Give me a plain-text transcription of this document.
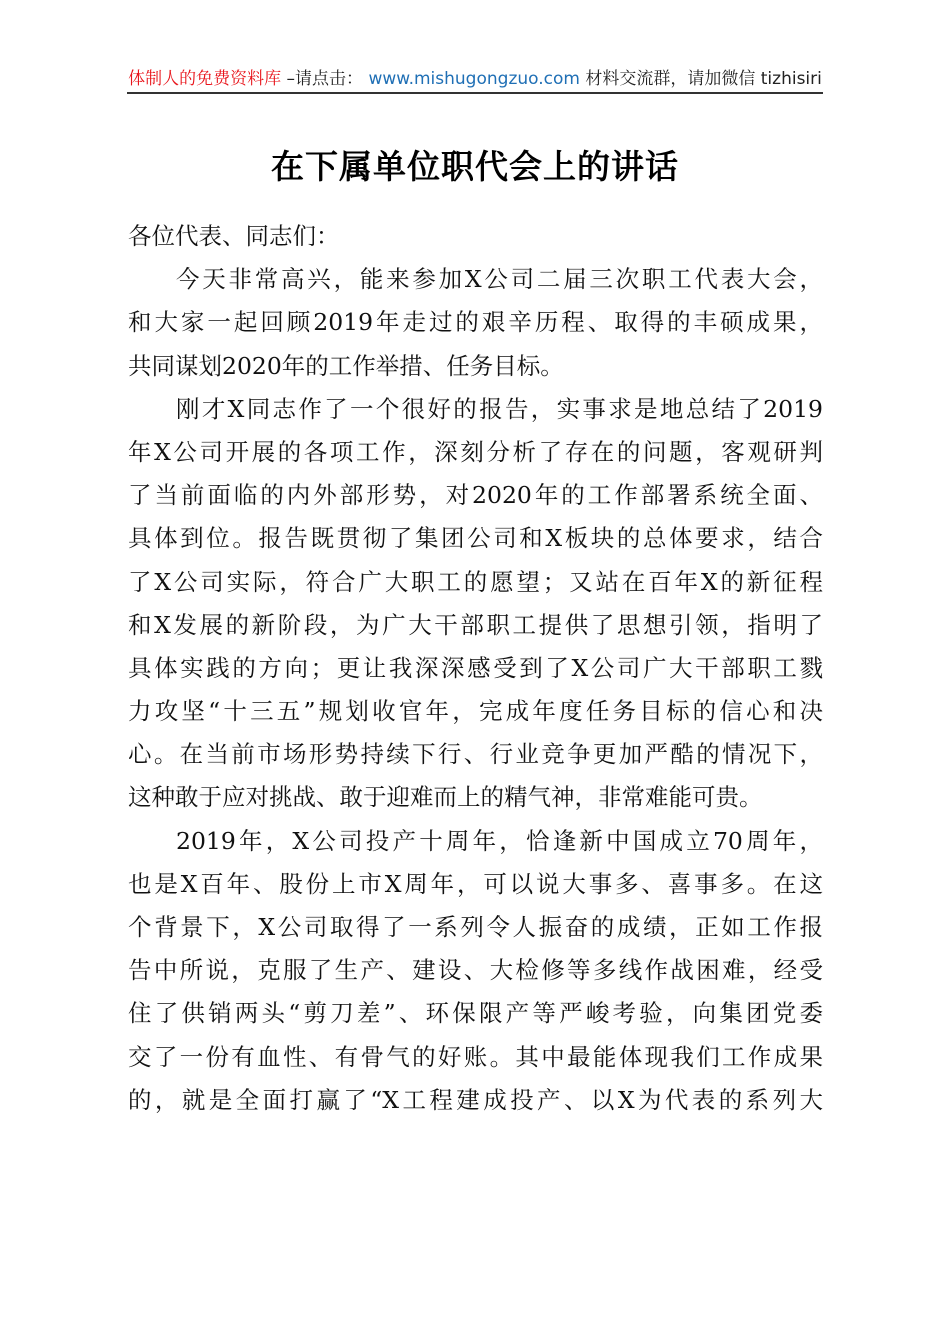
体制人的免费资料库 –请点击： www.mishugongzuo.com 材料交流群，请加微信 tizhisiri
在下属单位职代会上的讲话
各位代表、同志们：
今天非常高兴，能来参加X公司二届三次职工代表大会，
和大家一起回顾2019年走过的艰辛历程、取得的丰硕成果，
共同谋划2020年的工作举措、任务目标。
刚才X同志作了一个很好的报告，实事求是地总结了2019
年X公司开展的各项工作，深刻分析了存在的问题，客观研判
了当前面临的内外部形势，对2020年的工作部署系统全面、
具体到位。报告既贯彻了集团公司和X板块的总体要求，结合
了X公司实际，符合广大职工的愿望；又站在百年X的新征程
和X发展的新阶段，为广大干部职工提供了思想引领，指明了
具体实践的方向；更让我深深感受到了X公司广大干部职工戮
力攻坚“十三五”规划收官年，完成年度任务目标的信心和决
心。在当前市场形势持续下行、行业竞争更加严酷的情况下，
这种敢于应对挑战、敢于迎难而上的精气神，非常难能可贵。
2019年，X公司投产十周年，恰逢新中国成立70周年，
也是X百年、股份上市X周年，可以说大事多、喜事多。在这
个背景下，X公司取得了一系列令人振奋的成绩，正如工作报
告中所说，克服了生产、建设、大检修等多线作战困难，经受
住了供销两头“剪刀差”、环保限产等严峻考验，向集团党委
交了一份有血性、有骨气的好账。其中最能体现我们工作成果
的，就是全面打赢了“X工程建成投产、以X为代表的系列大
